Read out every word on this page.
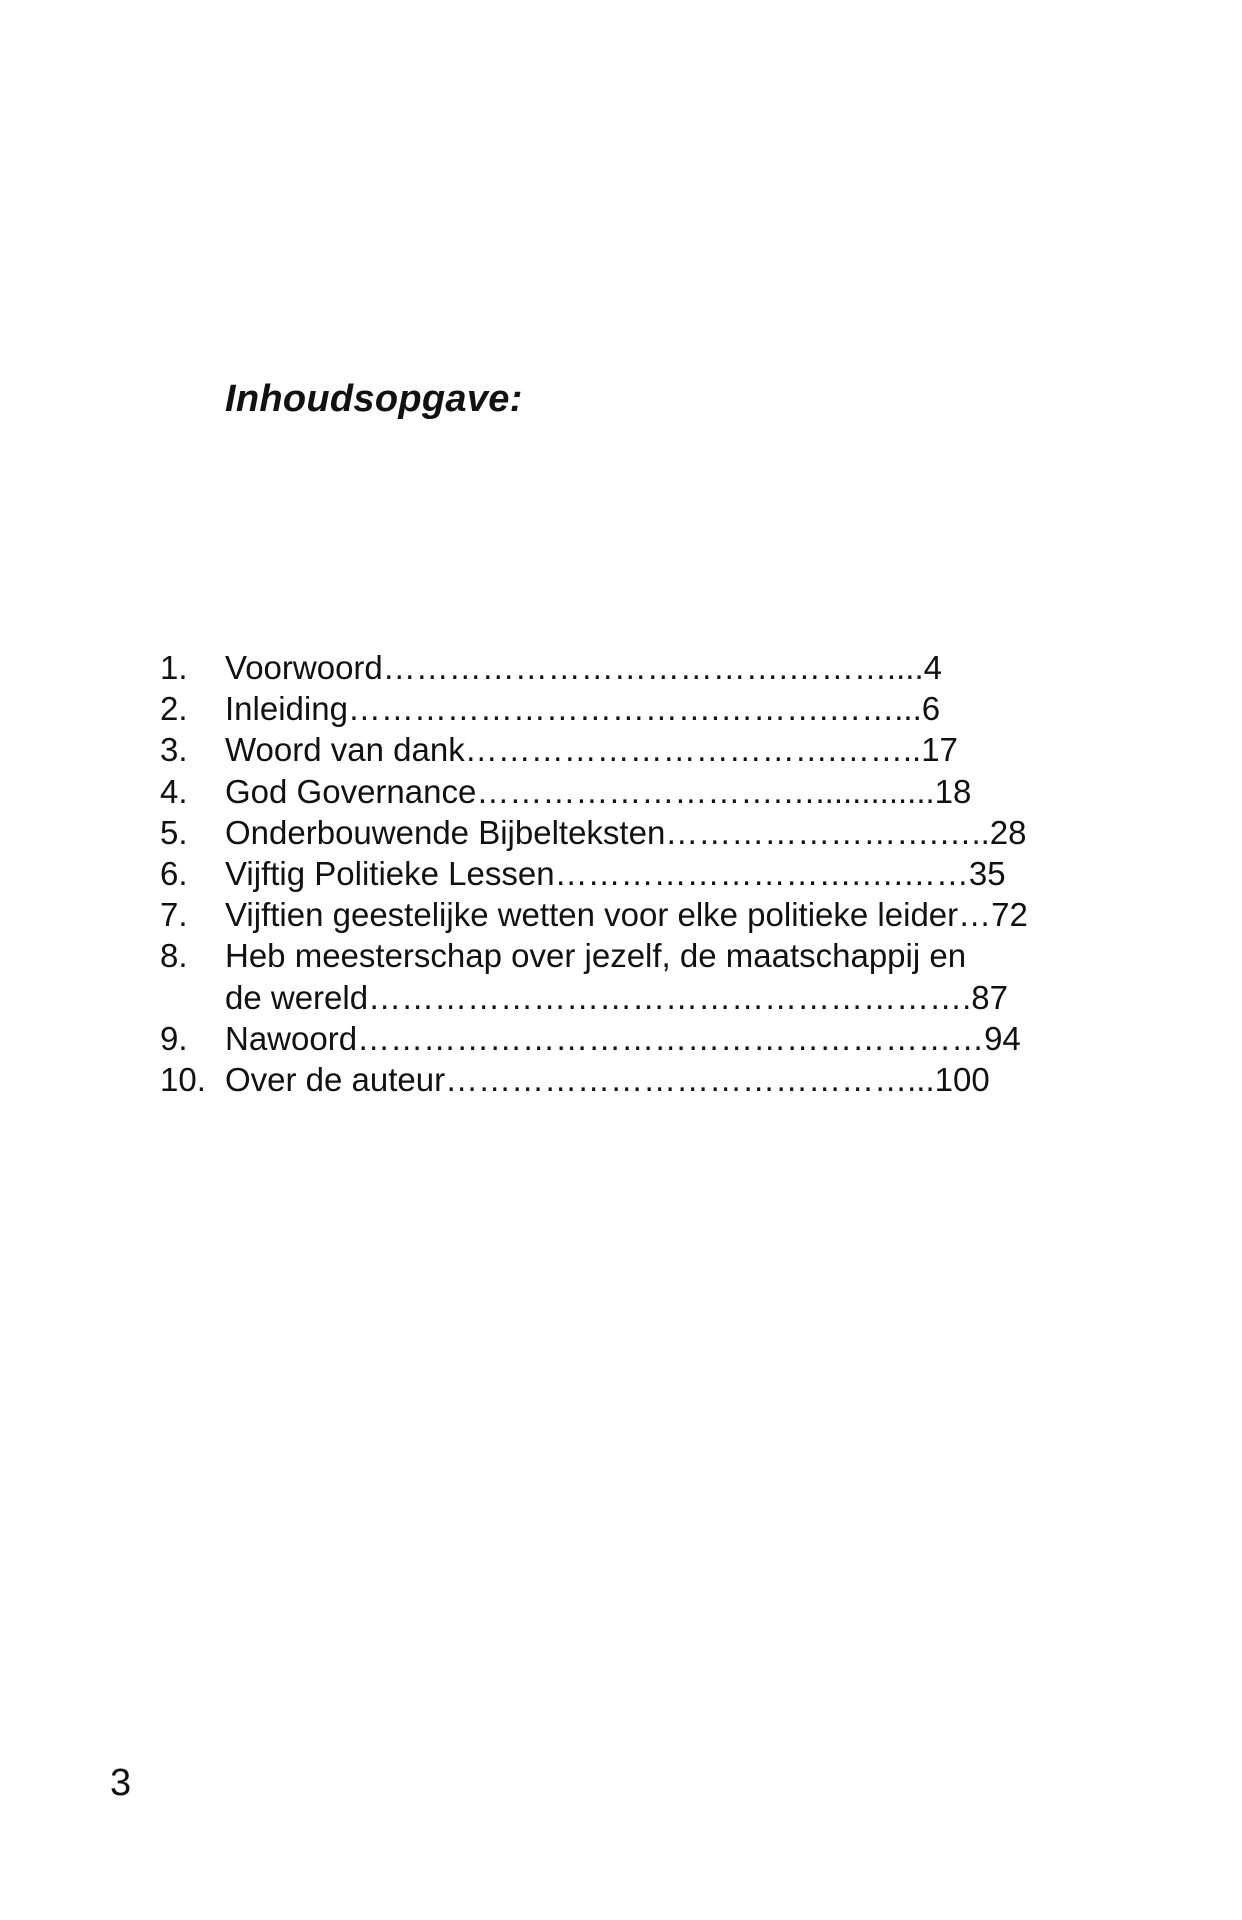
Inhoudsopgave:
1.	Voorwoord……………………………….………....4
2.	Inleiding…………………………….……….……...6
3.	Woord van dank…………………………….……..17
4.	God Governance……………………….….............18
5.	Onderbouwende Bijbelteksten…………………….…..28
6.	Vijftig Politieke Lessen……………………….….……35
7.	Vijftien geestelijke wetten voor elke politieke leider…72
8.	Heb meesterschap over jezelf, de maatschappij en
de wereld……………………………………………….87
9.	Nawoord…………………………………………………94
10. Over de auteur……………………………………...100

3
